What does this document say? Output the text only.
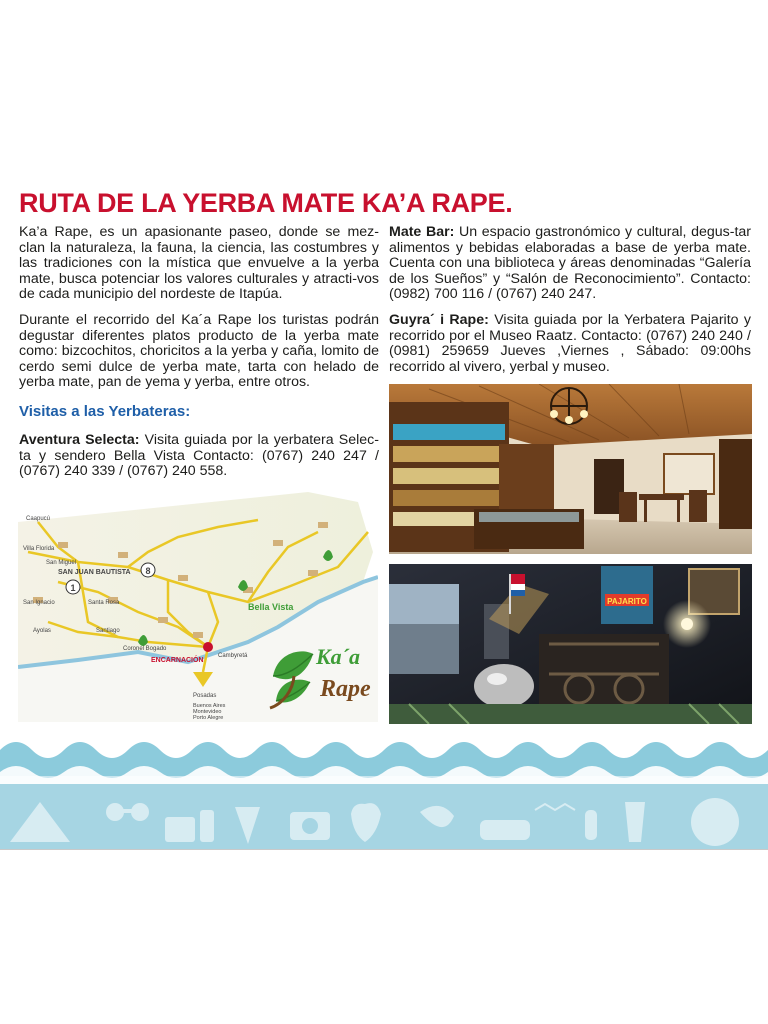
RUTA DE LA YERBA MATE KA’A RAPE.

Ka’a Rape, es un apasionante paseo, donde se mez-clan la naturaleza, la fauna, la ciencia, las costumbres y las tradiciones con la mística que envuelve a la yerba mate, busca potenciar los valores culturales y atracti-vos de cada municipio del nordeste de Itapúa.

Durante el recorrido del Ka´a Rape los turistas podrán degustar diferentes platos producto de la yerba mate como: bizcochitos, choricitos a la yerba y caña, lomito de cerdo semi dulce de yerba mate, tarta con helado de yerba mate, pan de yema y yerba, entre otros.

Visitas a las Yerbateras:

Aventura Selecta: Visita guiada por la yerbatera Selec-ta y sendero Bella Vista Contacto: (0767) 240 247 / (0767) 240 339 / (0767) 240 558.

Mate Bar: Un espacio gastronómico y cultural, degus-tar alimentos y bebidas elaboradas a base de yerba mate. Cuenta con una biblioteca y áreas denominadas “Galería de los Sueños” y “Salón de Reconocimiento”. Contacto: (0982) 700 116 / (0767) 240 247.

Guyra´ i Rape: Visita guiada por la Yerbatera Pajarito y recorrido por el Museo Raatz. Contacto: (0767) 240 240 / (0981) 259659 Jueves ,Viernes , Sábado: 09:00hs recorrido al vivero, yerbal y museo.

PAJARITO
1
8
SAN JUAN BAUTISTA
ENCARNACIÓN
Bella Vista
Caapucú
Villa Florida
San Miguel
San Ignacio	Santa Rosa
Santiago
Ayolas
Coronel Bogado
Cambyretá
Posadas
Buenos Aires Montevideo Porto Alegre
Ka´a
Rape
